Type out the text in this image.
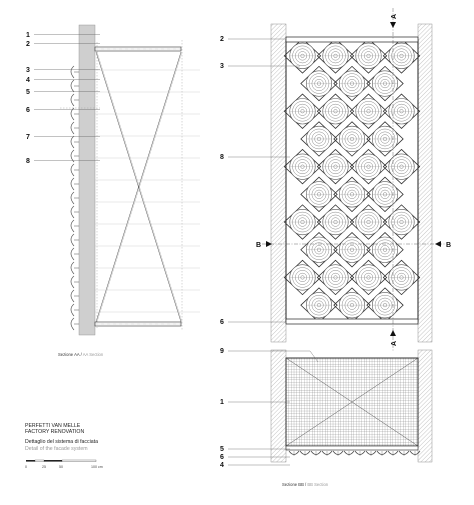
1
2
3
4
5
6
7
8
Sezione AA / AA Section
A
A
B	B
2
3
8
6
9
1
5
6
4
Sezione BB / BB Section
0	25	50	100 cm
PERFETTI VAN MELLE
FACTORY RENOVATION
Dettaglio del sistema di facciata
Detail of the facade system
